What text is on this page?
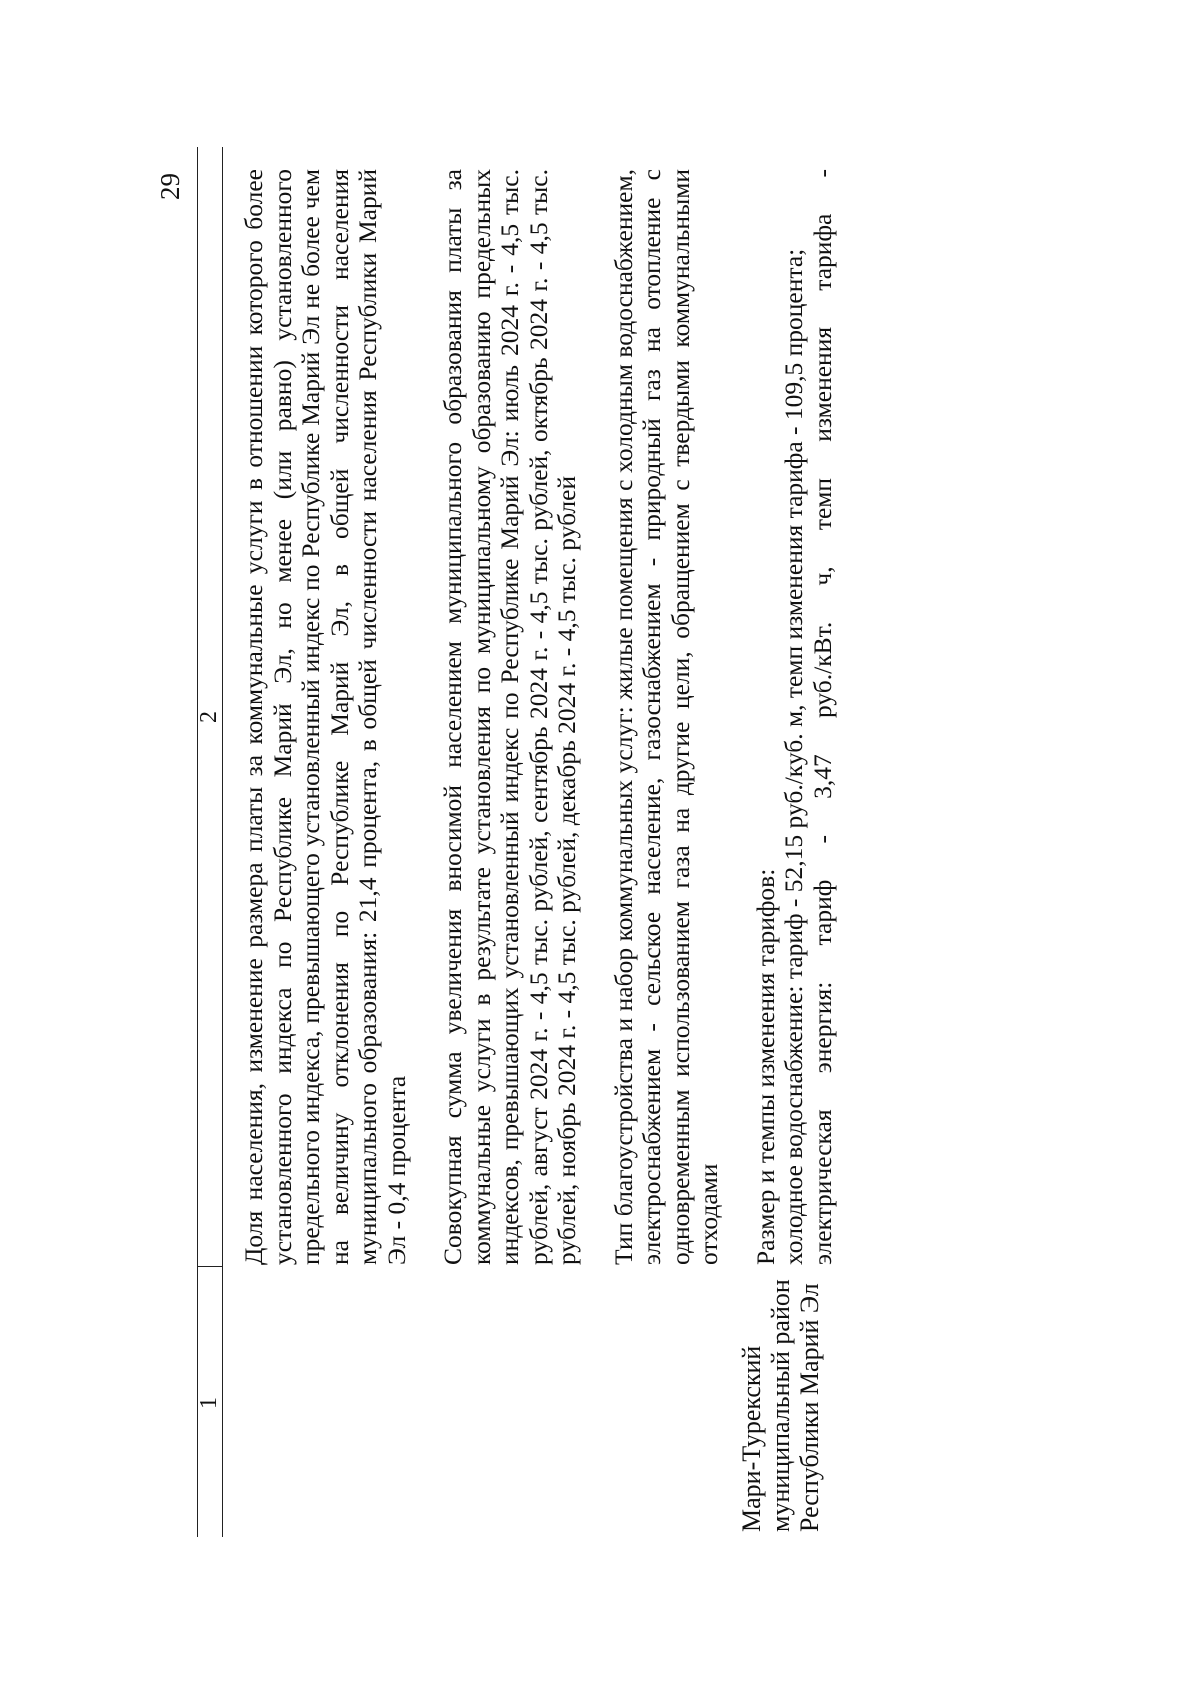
29
1
2
Мари-Турекский муниципальный район Республики Марий Эл

Доля населения, изменение размера платы за коммунальные услуги в отношении которого более установленного индекса по Республике Марий Эл, но менее (или равно) установленного предельного индекса, превышающего установленный индекс по Республике Марий Эл не более чем на величину отклонения по Республике Марий Эл, в общей численности населения муниципального образования: 21,4 процента, в общей численности населения Республики Марий Эл - 0,4 процента Совокупная сумма увеличения вносимой населением муниципального образования платы за коммунальные услуги в результате установления по муниципальному образованию предельных индексов, превышающих установленный индекс по Республике Марий Эл: июль 2024 г. - 4,5 тыс. рублей, август 2024 г. - 4,5 тыс. рублей, сентябрь 2024 г. - 4,5 тыс. рублей, октябрь 2024 г. - 4,5 тыс. рублей, ноябрь 2024 г. - 4,5 тыс. рублей, декабрь 2024 г. - 4,5 тыс. рублей Тип благоустройства и набор коммунальных услуг: жилые помещения с холодным водоснабжением, электроснабжением - сельское население, газоснабжением - природный газ на отопление с одновременным использованием газа на другие цели, обращением с твердыми коммунальными отходами Размер и темпы изменения тарифов: холодное водоснабжение: тариф - 52,15 руб./куб. м, темп изменения тарифа - 109,5 процента; электрическая энергия: тариф - 3,47 руб./кВт. ч, темп изменения тарифа -
